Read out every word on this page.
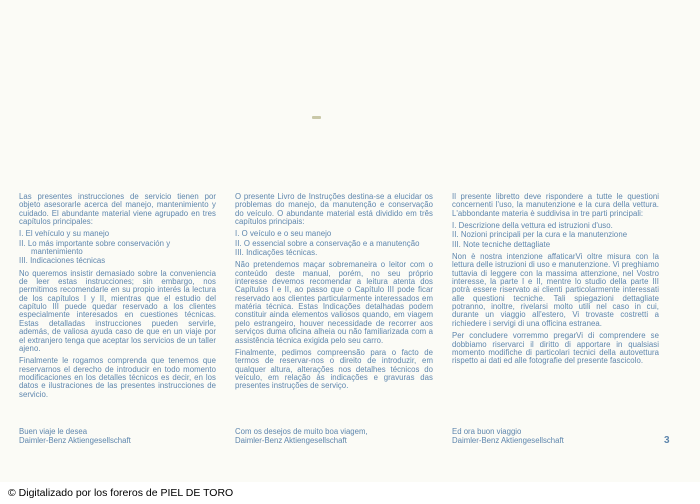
Las presentes instrucciones de servicio tienen por objeto asesorarle acerca del manejo, mantenimiento y cuidado. El abundante material viene agrupado en tres capítulos principales:

I. El vehículo y su manejo
II. Lo más importante sobre conservación y mantenimiento
III. Indicaciones técnicas

No queremos insistir demasiado sobre la conveniencia de leer estas instrucciones; sin embargo, nos permitimos recomendarle en su propio interés la lectura de los capítulos I y II, mientras que el estudio del capítulo III puede quedar reservado a los clientes especialmente interesados en cuestiones técnicas. Estas detalladas instrucciones pueden servirle, además, de valiosa ayuda caso de que en un viaje por el extranjero tenga que aceptar los servicios de un taller ajeno.

Finalmente le rogamos comprenda que tenemos que reservarnos el derecho de introducir en todo momento modificaciones en los detalles técnicos es decir, en los datos e ilustraciones de las presentes instrucciones de servicio.

O presente Livro de Instruções destina-se a elucidar os problemas do manejo, da manutenção e conservação do veículo. O abundante material está dividido em três capítulos principais:

I. O veículo e o seu manejo
II. O essencial sobre a conservação e a manutenção
III. Indicações técnicas.

Não pretendemos maçar sobremaneira o leitor com o conteúdo deste manual, porém, no seu próprio interesse devemos recomendar a leitura atenta dos Capítulos I e II, ao passo que o Capítulo III pode ficar reservado aos clientes particularmente interessados em matéria técnica. Estas Indicações detalhadas podem constituir ainda elementos valiosos quando, em viagem pelo estrangeiro, houver necessidade de recorrer aos serviços duma oficina alheia ou não familiarizada com a assistência técnica exigida pelo seu carro.

Finalmente, pedimos compreensão para o facto de termos de reservar-nos o direito de introduzir, em qualquer altura, alterações nos detalhes técnicos do veículo, em relação às indicações e gravuras das presentes instruções de serviço.

Il presente libretto deve rispondere a tutte le questioni concernenti l'uso, la manutenzione e la cura della vettura. L'abbondante materia è suddivisa in tre parti principali:

I. Descrizione della vettura ed istruzioni d'uso.
II. Nozioni principali per la cura e la manutenzione
III. Note tecniche dettagliate

Non è nostra intenzione affaticarVi oltre misura con la lettura delle istruzioni di uso e manutenzione. Vi preghiamo tuttavia di leggere con la massima attenzione, nel Vostro interesse, la parte I e II, mentre lo studio della parte III potrà essere riservato ai clienti particolarmente interessati alle questioni tecniche. Tali spiegazioni dettagliate potranno, inoltre, rivelarsi molto utili nel caso in cui, durante un viaggio all'estero, Vi trovaste costretti a richiedere i servigi di una officina estranea.

Per concludere vorremmo pregarVi di comprendere se dobbiamo riservarci il diritto di apportare in qualsiasi momento modifiche di particolari tecnici della autovettura rispetto ai dati ed alle fotografie del presente fascicolo.

Buen viaje le desea
Daimler-Benz Aktiengesellschaft
Com os desejos de muito boa viagem,
Daimler-Benz Aktiengesellschaft
Ed ora buon viaggio
Daimler-Benz Aktiengesellschaft	3
© Digitalizado por los foreros de PIEL DE TORO
